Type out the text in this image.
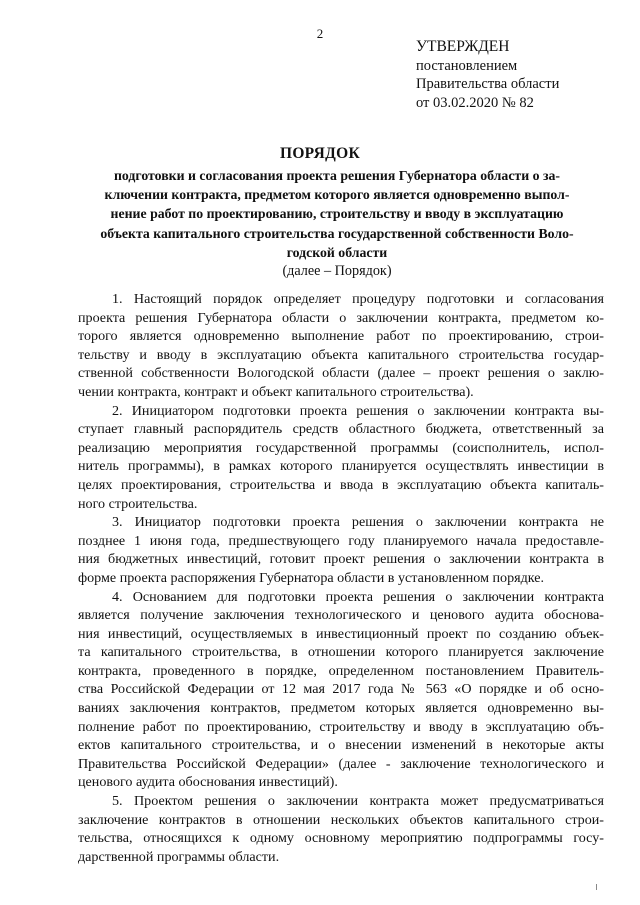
2
УТВЕРЖДЕН
постановлением
Правительства области
от 03.02.2020 № 82
ПОРЯДОК
подготовки и согласования проекта решения Губернатора области о за-
ключении контракта, предметом которого является одновременно выпол-
нение работ по проектированию, строительству и вводу в эксплуатацию
объекта капитального строительства государственной собственности Воло-
годской области
(далее – Порядок)
1. Настоящий порядок определяет процедуру подготовки и согласования
проекта решения Губернатора области о заключении контракта, предметом ко-
торого является одновременно выполнение работ по проектированию, строи-
тельству и вводу в эксплуатацию объекта капитального строительства государ-
ственной собственности Вологодской области (далее – проект решения о заклю-
чении контракта, контракт и объект капитального строительства).
2. Инициатором подготовки проекта решения о заключении контракта вы-
ступает главный распорядитель средств областного бюджета, ответственный за
реализацию мероприятия государственной программы (соисполнитель, испол-
нитель программы), в рамках которого планируется осуществлять инвестиции в
целях проектирования, строительства и ввода в эксплуатацию объекта капиталь-
ного строительства.
3. Инициатор подготовки проекта решения о заключении контракта не
позднее 1 июня года, предшествующего году планируемого начала предоставле-
ния бюджетных инвестиций, готовит проект решения о заключении контракта в
форме проекта распоряжения Губернатора области в установленном порядке.
4. Основанием для подготовки проекта решения о заключении контракта
является получение заключения технологического и ценового аудита обоснова-
ния инвестиций, осуществляемых в инвестиционный проект по созданию объек-
та капитального строительства, в отношении которого планируется заключение
контракта, проведенного в порядке, определенном постановлением Правитель-
ства Российской Федерации от 12 мая 2017 года № 563 «О порядке и об осно-
ваниях заключения контрактов, предметом которых является одновременно вы-
полнение работ по проектированию, строительству и вводу в эксплуатацию объ-
ектов капитального строительства, и о внесении изменений в некоторые акты
Правительства Российской Федерации» (далее - заключение технологического и
ценового аудита обоснования инвестиций).
5. Проектом решения о заключении контракта может предусматриваться
заключение контрактов в отношении нескольких объектов капитального строи-
тельства, относящихся к одному основному мероприятию подпрограммы госу-
дарственной программы области.
